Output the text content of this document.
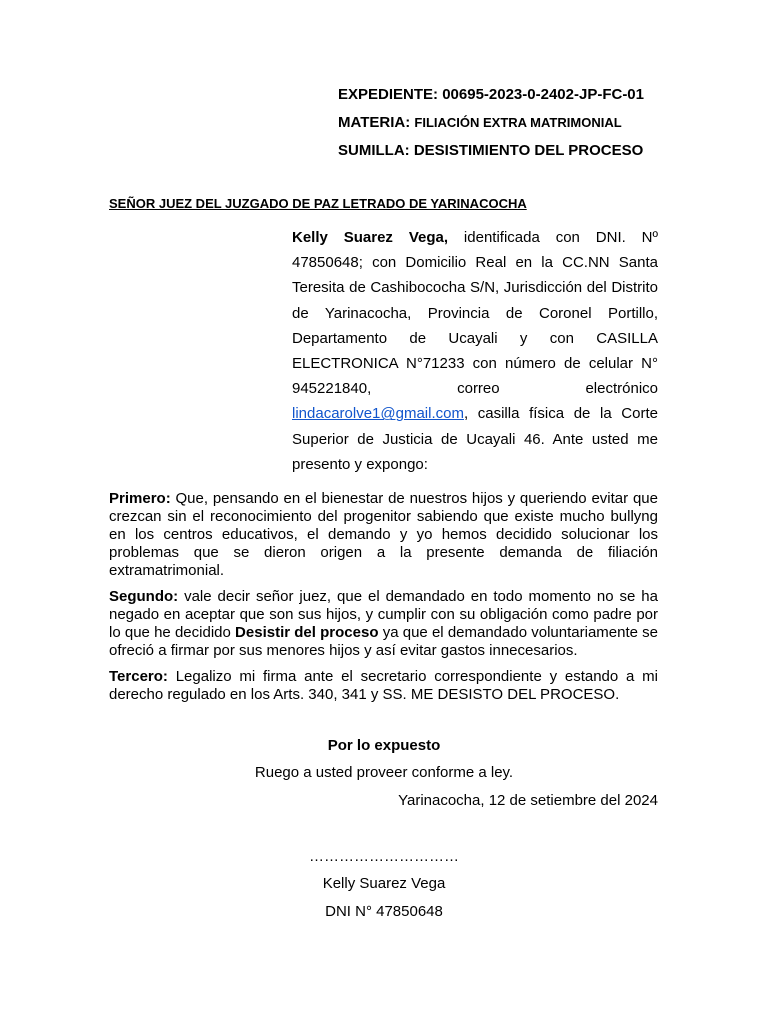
EXPEDIENTE: 00695-2023-0-2402-JP-FC-01
MATERIA: FILIACIÓN EXTRA MATRIMONIAL
SUMILLA: DESISTIMIENTO DEL PROCESO
SEÑOR JUEZ DEL JUZGADO DE PAZ LETRADO DE YARINACOCHA
Kelly Suarez Vega, identificada con DNI. Nº 47850648; con Domicilio Real en la CC.NN Santa Teresita de Cashibococha S/N, Jurisdicción del Distrito de Yarinacocha, Provincia de Coronel Portillo, Departamento de Ucayali y con CASILLA ELECTRONICA N°71233 con número de celular N° 945221840, correo electrónico lindacarolve1@gmail.com, casilla física de la Corte Superior de Justicia de Ucayali 46. Ante usted me presento y expongo:

Primero: Que, pensando en el bienestar de nuestros hijos y queriendo evitar que crezcan sin el reconocimiento del progenitor sabiendo que existe mucho bullyng en los centros educativos, el demando y yo hemos decidido solucionar los problemas que se dieron origen a la presente demanda de filiación extramatrimonial.

Segundo: vale decir señor juez, que el demandado en todo momento no se ha negado en aceptar que son sus hijos, y cumplir con su obligación como padre por lo que he decidido Desistir del proceso ya que el demandado voluntariamente se ofreció a firmar por sus menores hijos y así evitar gastos innecesarios.

Tercero: Legalizo mi firma ante el secretario correspondiente y estando a mi derecho regulado en los Arts. 340, 341 y SS. ME DESISTO DEL PROCESO.

Por lo expuesto
Ruego a usted proveer conforme a ley.
Yarinacocha, 12 de setiembre del 2024
…………………………
Kelly Suarez Vega
DNI N° 47850648
